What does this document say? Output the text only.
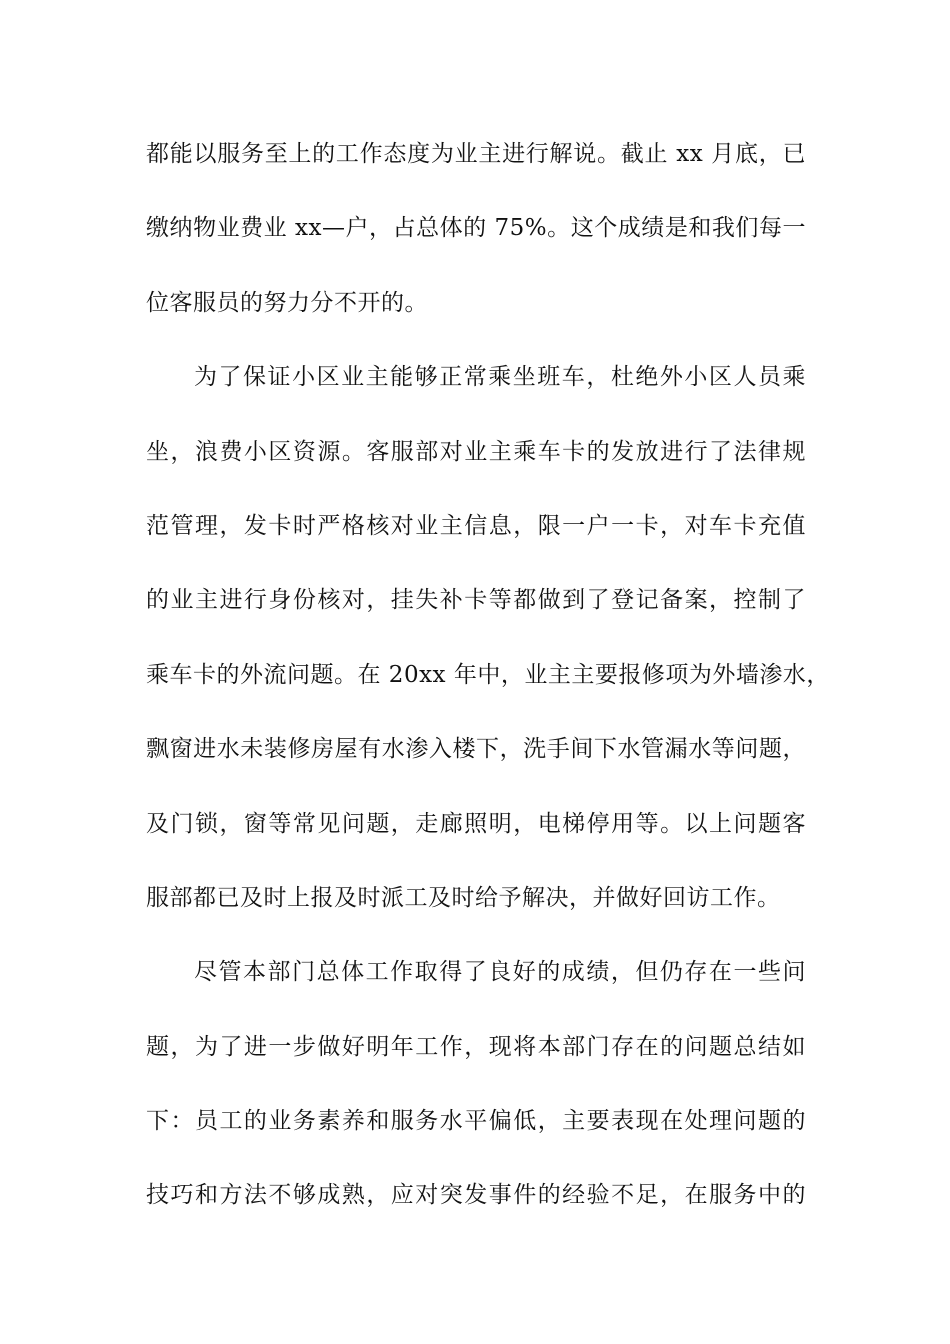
都能以服务至上的工作态度为业主进行解说。截止 xx 月底，已
缴纳物业费业 xx—户，占总体的 75%。这个成绩是和我们每一
位客服员的努力分不开的。
为了保证小区业主能够正常乘坐班车，杜绝外小区人员乘
坐，浪费小区资源。客服部对业主乘车卡的发放进行了法律规
范管理，发卡时严格核对业主信息，限一户一卡，对车卡充值
的业主进行身份核对，挂失补卡等都做到了登记备案，控制了
乘车卡的外流问题。在 20xx 年中，业主主要报修项为外墙渗水，
飘窗进水未装修房屋有水渗入楼下，洗手间下水管漏水等问题，
及门锁，窗等常见问题，走廊照明，电梯停用等。以上问题客
服部都已及时上报及时派工及时给予解决，并做好回访工作。
尽管本部门总体工作取得了良好的成绩，但仍存在一些问
题，为了进一步做好明年工作，现将本部门存在的问题总结如
下：员工的业务素养和服务水平偏低，主要表现在处理问题的
技巧和方法不够成熟，应对突发事件的经验不足，在服务中的
